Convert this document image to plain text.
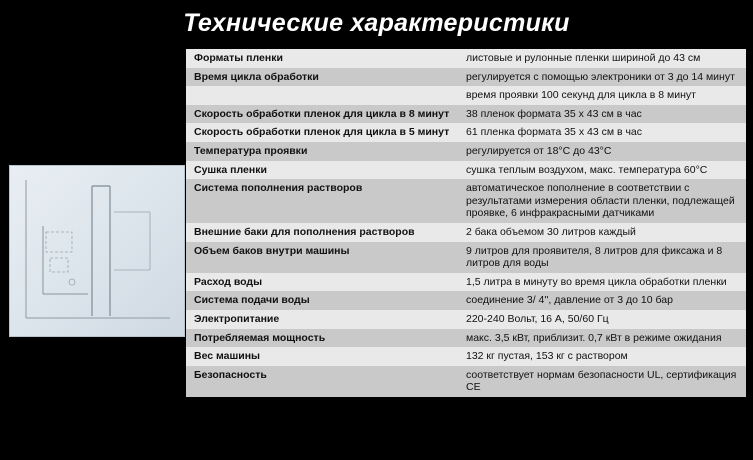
Технические характеристики
Форматы пленки	листовые и рулонные пленки шириной до 43 см
Время цикла обработки	регулируется с помощью электроники от 3 до 14 минут
	время проявки 100 секунд для цикла в 8 минут
Скорость обработки пленок для цикла в 8 минут	38 пленок формата 35 x 43 см в час
Скорость обработки пленок для цикла в 5 минут	61 пленка формата 35 x 43 см в час
Температура проявки	регулируется от 18°С до 43°С
Сушка пленки	сушка теплым воздухом, макс. температура 60°С
Система пополнения растворов	автоматическое пополнение в соответствии с результатами измерения области пленки, подлежащей проявке, 6 инфракрасными датчиками
Внешние баки для пополнения растворов	2 бака объемом 30 литров каждый
Объем баков внутри машины	9 литров для проявителя, 8 литров для фиксажа и 8 литров для воды
Расход воды	1,5 литра в минуту во время цикла обработки пленки
Система подачи воды	соединение 3/ 4'', давление от 3 до 10 бар
Электропитание	220-240 Вольт, 16 А, 50/60 Гц
Потребляемая мощность	макс. 3,5 кВт, приблизит. 0,7 кВт в режиме ожидания
Вес машины	132 кг пустая, 153 кг с раствором
Безопасность	соответствует нормам безопасности UL, сертификация СЕ
